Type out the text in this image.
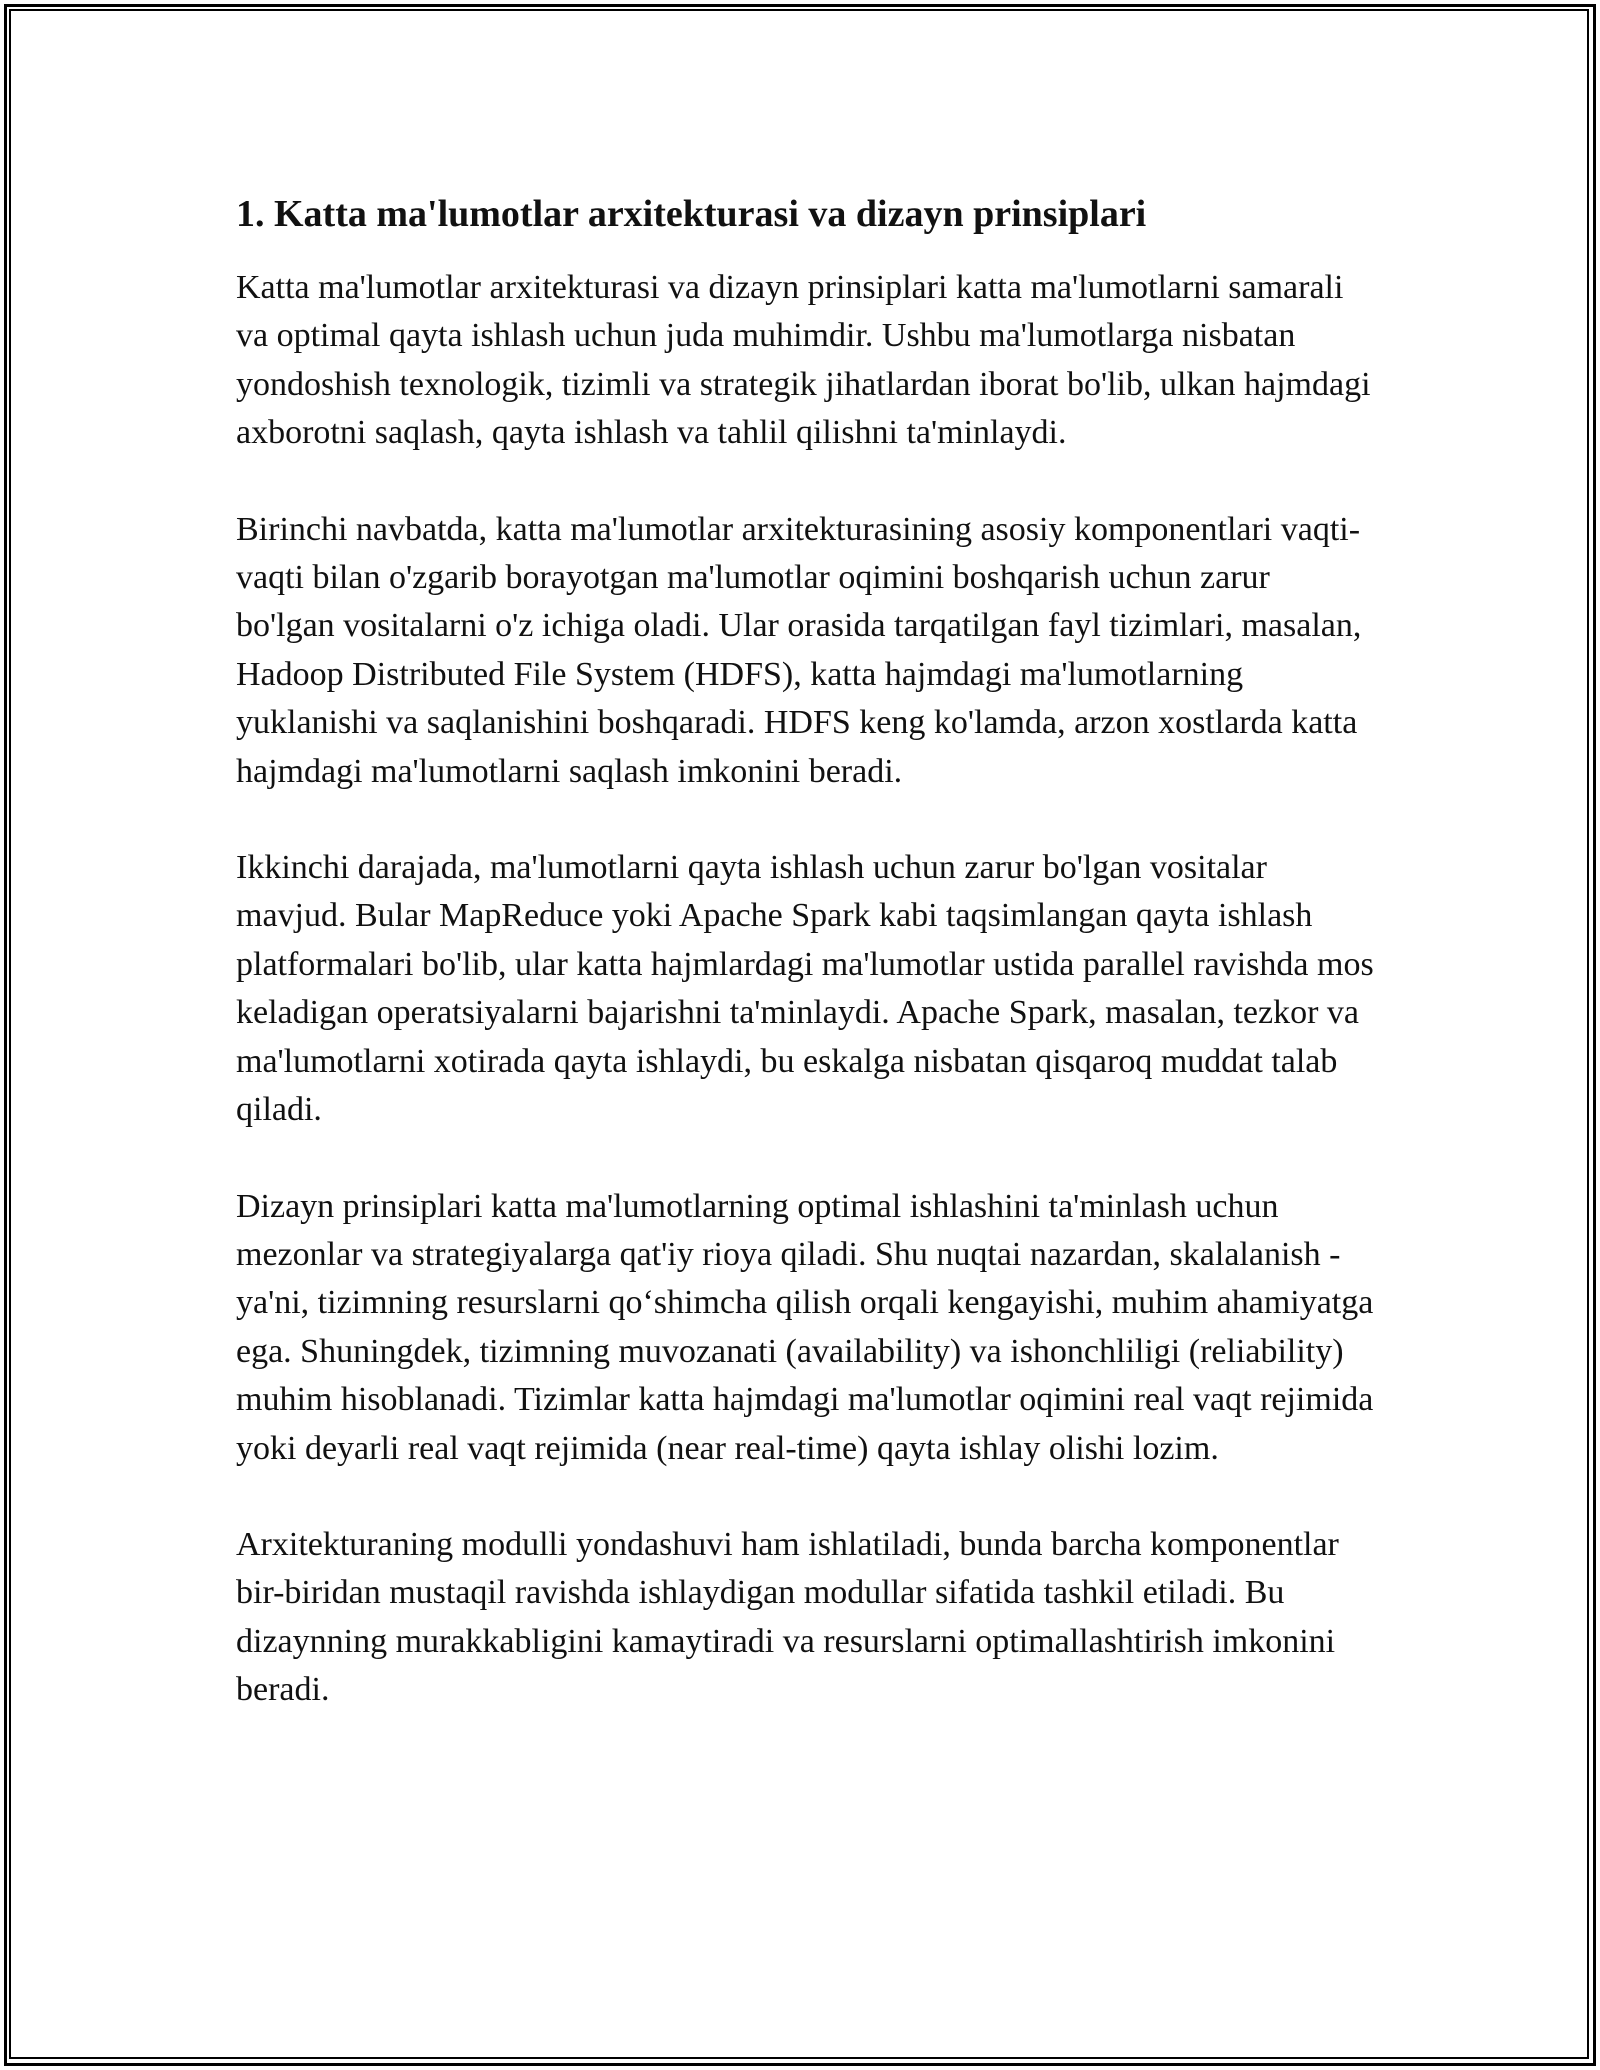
1. Katta ma'lumotlar arxitekturasi va dizayn prinsiplari

Katta ma'lumotlar arxitekturasi va dizayn prinsiplari katta ma'lumotlarni samarali va optimal qayta ishlash uchun juda muhimdir. Ushbu ma'lumotlarga nisbatan yondoshish texnologik, tizimli va strategik jihatlardan iborat bo'lib, ulkan hajmdagi axborotni saqlash, qayta ishlash va tahlil qilishni ta'minlaydi.

Birinchi navbatda, katta ma'lumotlar arxitekturasining asosiy komponentlari vaqti-vaqti bilan o'zgarib borayotgan ma'lumotlar oqimini boshqarish uchun zarur bo'lgan vositalarni o'z ichiga oladi. Ular orasida tarqatilgan fayl tizimlari, masalan, Hadoop Distributed File System (HDFS), katta hajmdagi ma'lumotlarning yuklanishi va saqlanishini boshqaradi. HDFS keng ko'lamda, arzon xostlarda katta hajmdagi ma'lumotlarni saqlash imkonini beradi.

Ikkinchi darajada, ma'lumotlarni qayta ishlash uchun zarur bo'lgan vositalar mavjud. Bular MapReduce yoki Apache Spark kabi taqsimlangan qayta ishlash platformalari bo'lib, ular katta hajmlardagi ma'lumotlar ustida parallel ravishda mos keladigan operatsiyalarni bajarishni ta'minlaydi. Apache Spark, masalan, tezkor va ma'lumotlarni xotirada qayta ishlaydi, bu eskalga nisbatan qisqaroq muddat talab qiladi.

Dizayn prinsiplari katta ma'lumotlarning optimal ishlashini ta'minlash uchun mezonlar va strategiyalarga qat'iy rioya qiladi. Shu nuqtai nazardan, skalalanish - ya'ni, tizimning resurslarni qo‘shimcha qilish orqali kengayishi, muhim ahamiyatga ega. Shuningdek, tizimning muvozanati (availability) va ishonchliligi (reliability) muhim hisoblanadi. Tizimlar katta hajmdagi ma'lumotlar oqimini real vaqt rejimida yoki deyarli real vaqt rejimida (near real-time) qayta ishlay olishi lozim.

Arxitekturaning modulli yondashuvi ham ishlatiladi, bunda barcha komponentlar bir-biridan mustaqil ravishda ishlaydigan modullar sifatida tashkil etiladi. Bu dizaynning murakkabligini kamaytiradi va resurslarni optimallashtirish imkonini beradi.
